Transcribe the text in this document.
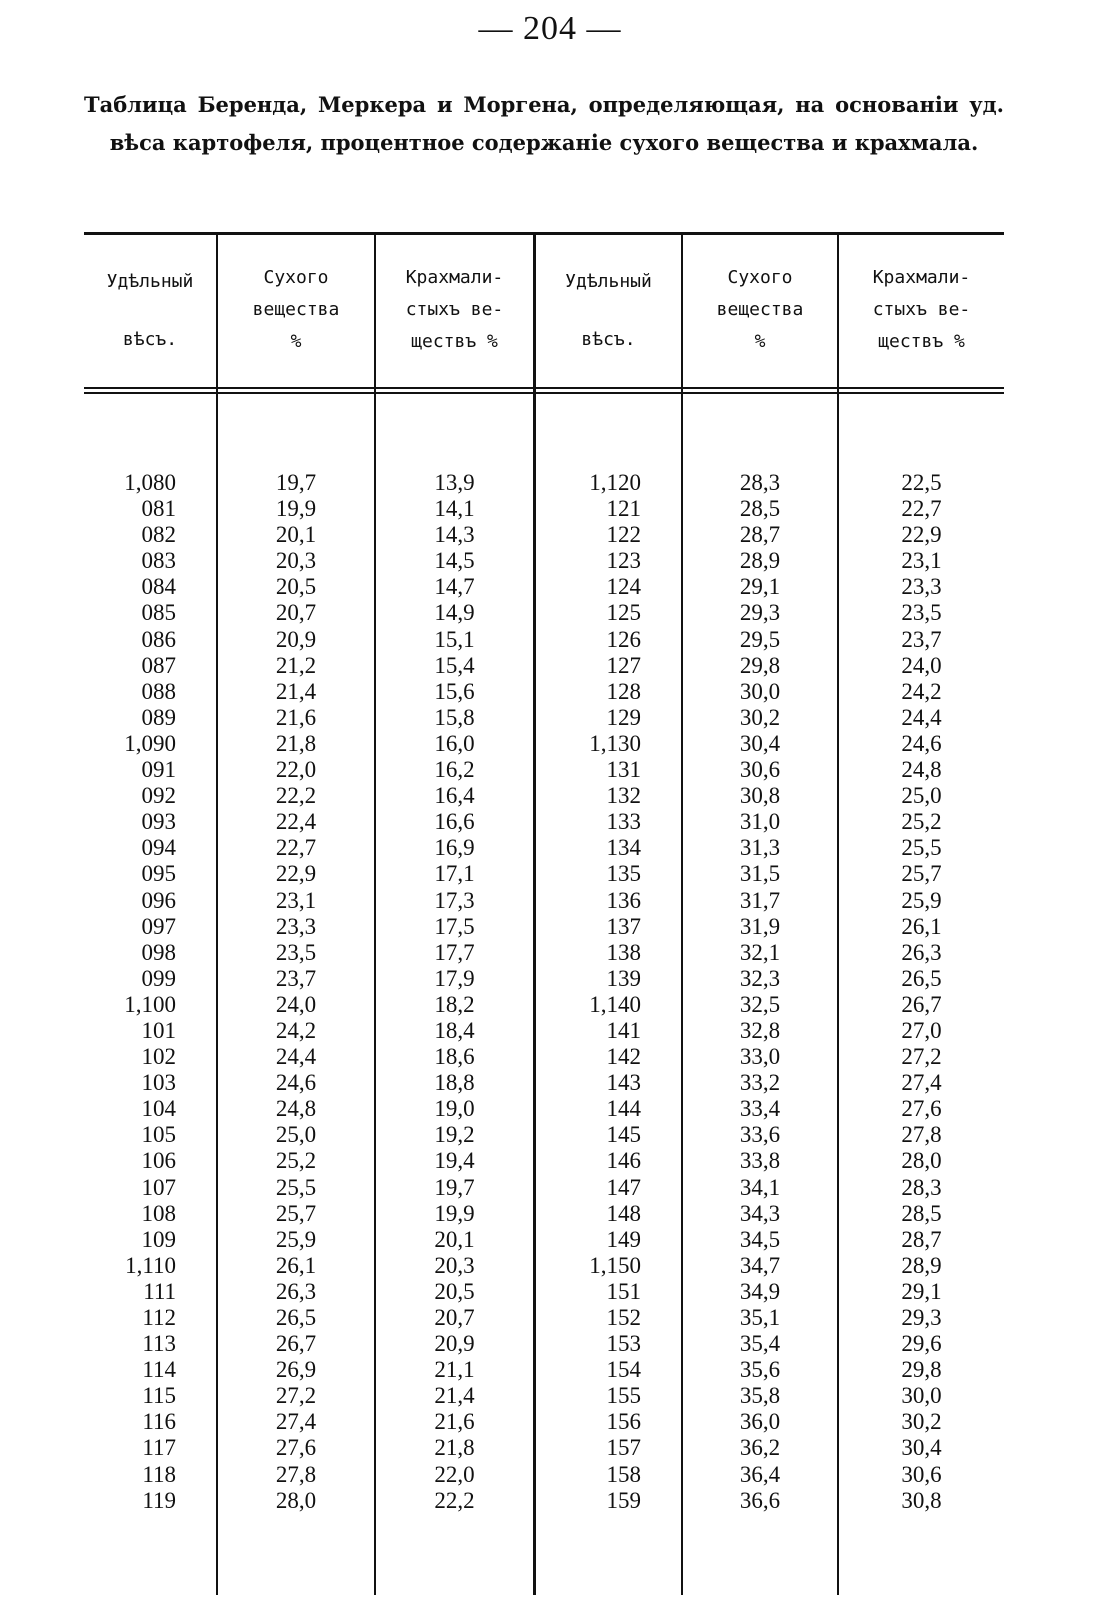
— 204 —
Таблица Беренда, Меркера и Моргена, определяющая, на основанiи уд. вѣса картофеля, процентное содержанiе сухого вещества и крахмала.
Удѣльный
вѣсъ.
Сухого
вещества
%
Крахмали-
стыхъ ве-
ществъ %
Удѣльный
вѣсъ.
Сухого
вещества
%
Крахмали-
стыхъ ве-
ществъ %
1,080
081
082
083
084
085
086
087
088
089
1,090
091
092
093
094
095
096
097
098
099
1,100
101
102
103
104
105
106
107
108
109
1,110
111
112
113
114
115
116
117
118
119
19,7
19,9
20,1
20,3
20,5
20,7
20,9
21,2
21,4
21,6
21,8
22,0
22,2
22,4
22,7
22,9
23,1
23,3
23,5
23,7
24,0
24,2
24,4
24,6
24,8
25,0
25,2
25,5
25,7
25,9
26,1
26,3
26,5
26,7
26,9
27,2
27,4
27,6
27,8
28,0
13,9
14,1
14,3
14,5
14,7
14,9
15,1
15,4
15,6
15,8
16,0
16,2
16,4
16,6
16,9
17,1
17,3
17,5
17,7
17,9
18,2
18,4
18,6
18,8
19,0
19,2
19,4
19,7
19,9
20,1
20,3
20,5
20,7
20,9
21,1
21,4
21,6
21,8
22,0
22,2
1,120
121
122
123
124
125
126
127
128
129
1,130
131
132
133
134
135
136
137
138
139
1,140
141
142
143
144
145
146
147
148
149
1,150
151
152
153
154
155
156
157
158
159
28,3
28,5
28,7
28,9
29,1
29,3
29,5
29,8
30,0
30,2
30,4
30,6
30,8
31,0
31,3
31,5
31,7
31,9
32,1
32,3
32,5
32,8
33,0
33,2
33,4
33,6
33,8
34,1
34,3
34,5
34,7
34,9
35,1
35,4
35,6
35,8
36,0
36,2
36,4
36,6
22,5
22,7
22,9
23,1
23,3
23,5
23,7
24,0
24,2
24,4
24,6
24,8
25,0
25,2
25,5
25,7
25,9
26,1
26,3
26,5
26,7
27,0
27,2
27,4
27,6
27,8
28,0
28,3
28,5
28,7
28,9
29,1
29,3
29,6
29,8
30,0
30,2
30,4
30,6
30,8
